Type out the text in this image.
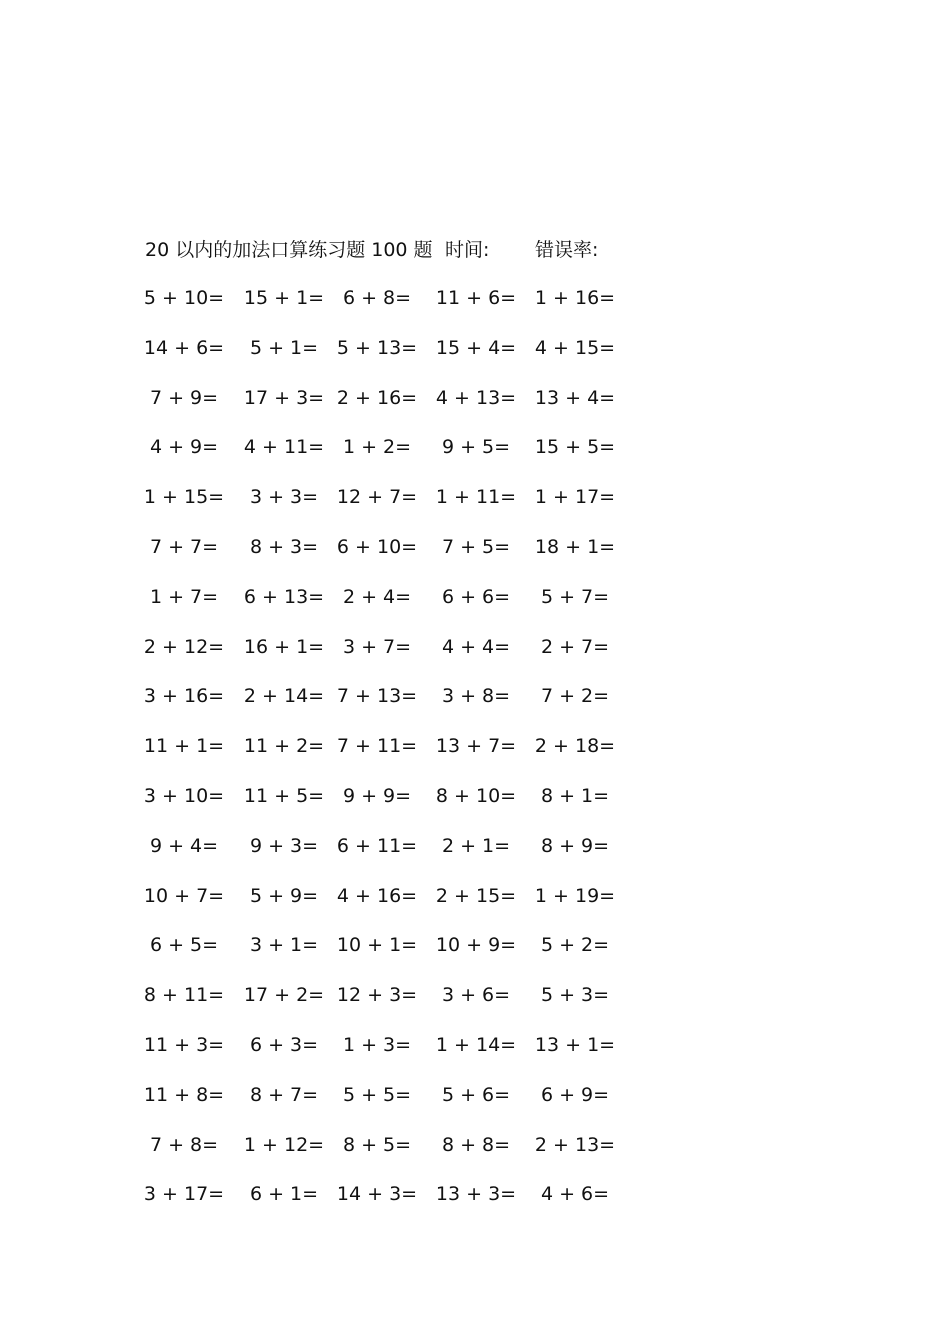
20 以内的加法口算练习题 100 题 时间: 错误率:
5 + 10= 15 + 1= 6 + 8= 11 + 6= 1 + 16=
14 + 6= 5 + 1= 5 + 13= 15 + 4= 4 + 15=
7 + 9= 17 + 3= 2 + 16= 4 + 13= 13 + 4=
4 + 9= 4 + 11= 1 + 2= 9 + 5= 15 + 5=
1 + 15= 3 + 3= 12 + 7= 1 + 11= 1 + 17=
7 + 7= 8 + 3= 6 + 10= 7 + 5= 18 + 1=
1 + 7= 6 + 13= 2 + 4= 6 + 6= 5 + 7=
2 + 12= 16 + 1= 3 + 7= 4 + 4= 2 + 7=
3 + 16= 2 + 14= 7 + 13= 3 + 8= 7 + 2=
11 + 1= 11 + 2= 7 + 11= 13 + 7= 2 + 18=
3 + 10= 11 + 5= 9 + 9= 8 + 10= 8 + 1=
9 + 4= 9 + 3= 6 + 11= 2 + 1= 8 + 9=
10 + 7= 5 + 9= 4 + 16= 2 + 15= 1 + 19=
6 + 5= 3 + 1= 10 + 1= 10 + 9= 5 + 2=
8 + 11= 17 + 2= 12 + 3= 3 + 6= 5 + 3=
11 + 3= 6 + 3= 1 + 3= 1 + 14= 13 + 1=
11 + 8= 8 + 7= 5 + 5= 5 + 6= 6 + 9=
7 + 8= 1 + 12= 8 + 5= 8 + 8= 2 + 13=
3 + 17= 6 + 1= 14 + 3= 13 + 3= 4 + 6=
